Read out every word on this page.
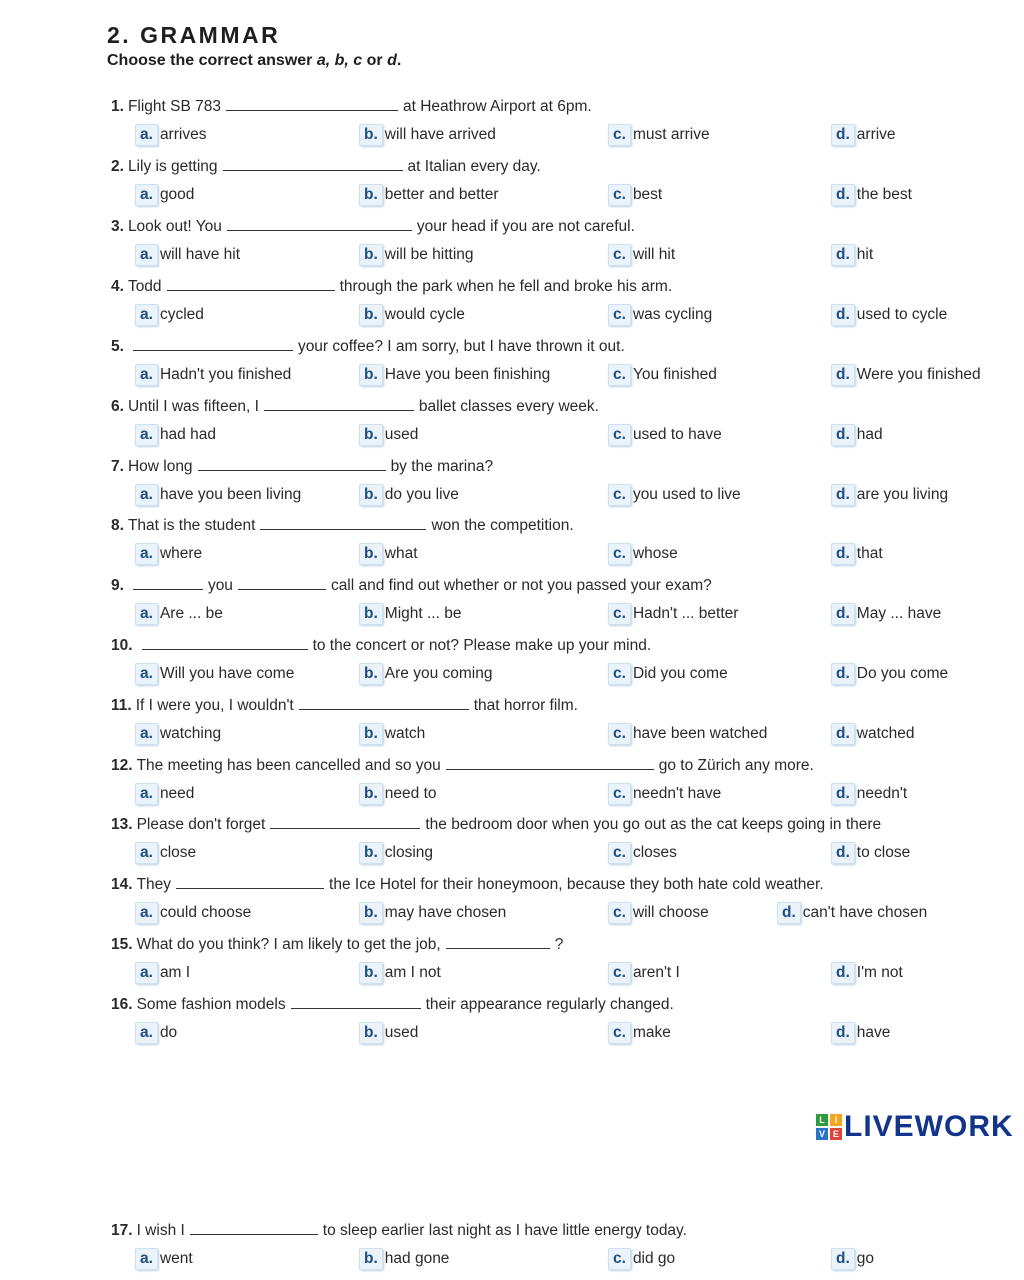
2. GRAMMAR
Choose the correct answer a, b, c or d.
1. Flight SB 783	at Heathrow Airport at 6pm.
a. arrives	b. will have arrived	c. must arrive	d. arrive
2. Lily is getting	at Italian every day.
a. good	b. better and better	c. best	d. the best
3. Look out! You	your head if you are not careful.
a. will have hit	b. will be hitting	c. will hit	d. hit
4. Todd	through the park when he fell and broke his arm.
a. cycled	b. would cycle	c. was cycling	d. used to cycle
5.	your coffee? I am sorry, but I have thrown it out.
a. Hadn't you finished	b. Have you been finishing	c. You finished	d. Were you finished
6. Until I was fifteen, I	ballet classes every week.
a. had had	b. used	c. used to have	d. had
7. How long	by the marina?
a. have you been living	b. do you live	c. you used to live	d. are you living
8. That is the student	won the competition.
a. where	b. what	c. whose	d. that
9.	you	call and find out whether or not you passed your exam?
a. Are ... be	b. Might ... be	c. Hadn't ... better	d. May ... have
10.	to the concert or not? Please make up your mind.
a. Will you have come	b. Are you coming	c. Did you come	d. Do you come
11. If I were you, I wouldn't	that horror film.
a. watching	b. watch	c. have been watched	d. watched
12. The meeting has been cancelled and so you	go to Zürich any more.
a. need	b. need to	c. needn't have	d. needn't
13. Please don't forget	the bedroom door when you go out as the cat keeps going in there
a. close	b. closing	c. closes	d. to close
14. They	the Ice Hotel for their honeymoon, because they both hate cold weather.
a. could choose	b. may have chosen	c. will choose	d. can't have chosen
15. What do you think? I am likely to get the job,	?
a. am I	b. am I not	c. aren't I	d. I'm not
16. Some fashion models	their appearance regularly changed.
a. do	b. used	c. make	d. have
17. I wish I	to sleep earlier last night as I have little energy today.
a. went	b. had gone	c. did go	d. go
L	I
V E LIVEWORK
